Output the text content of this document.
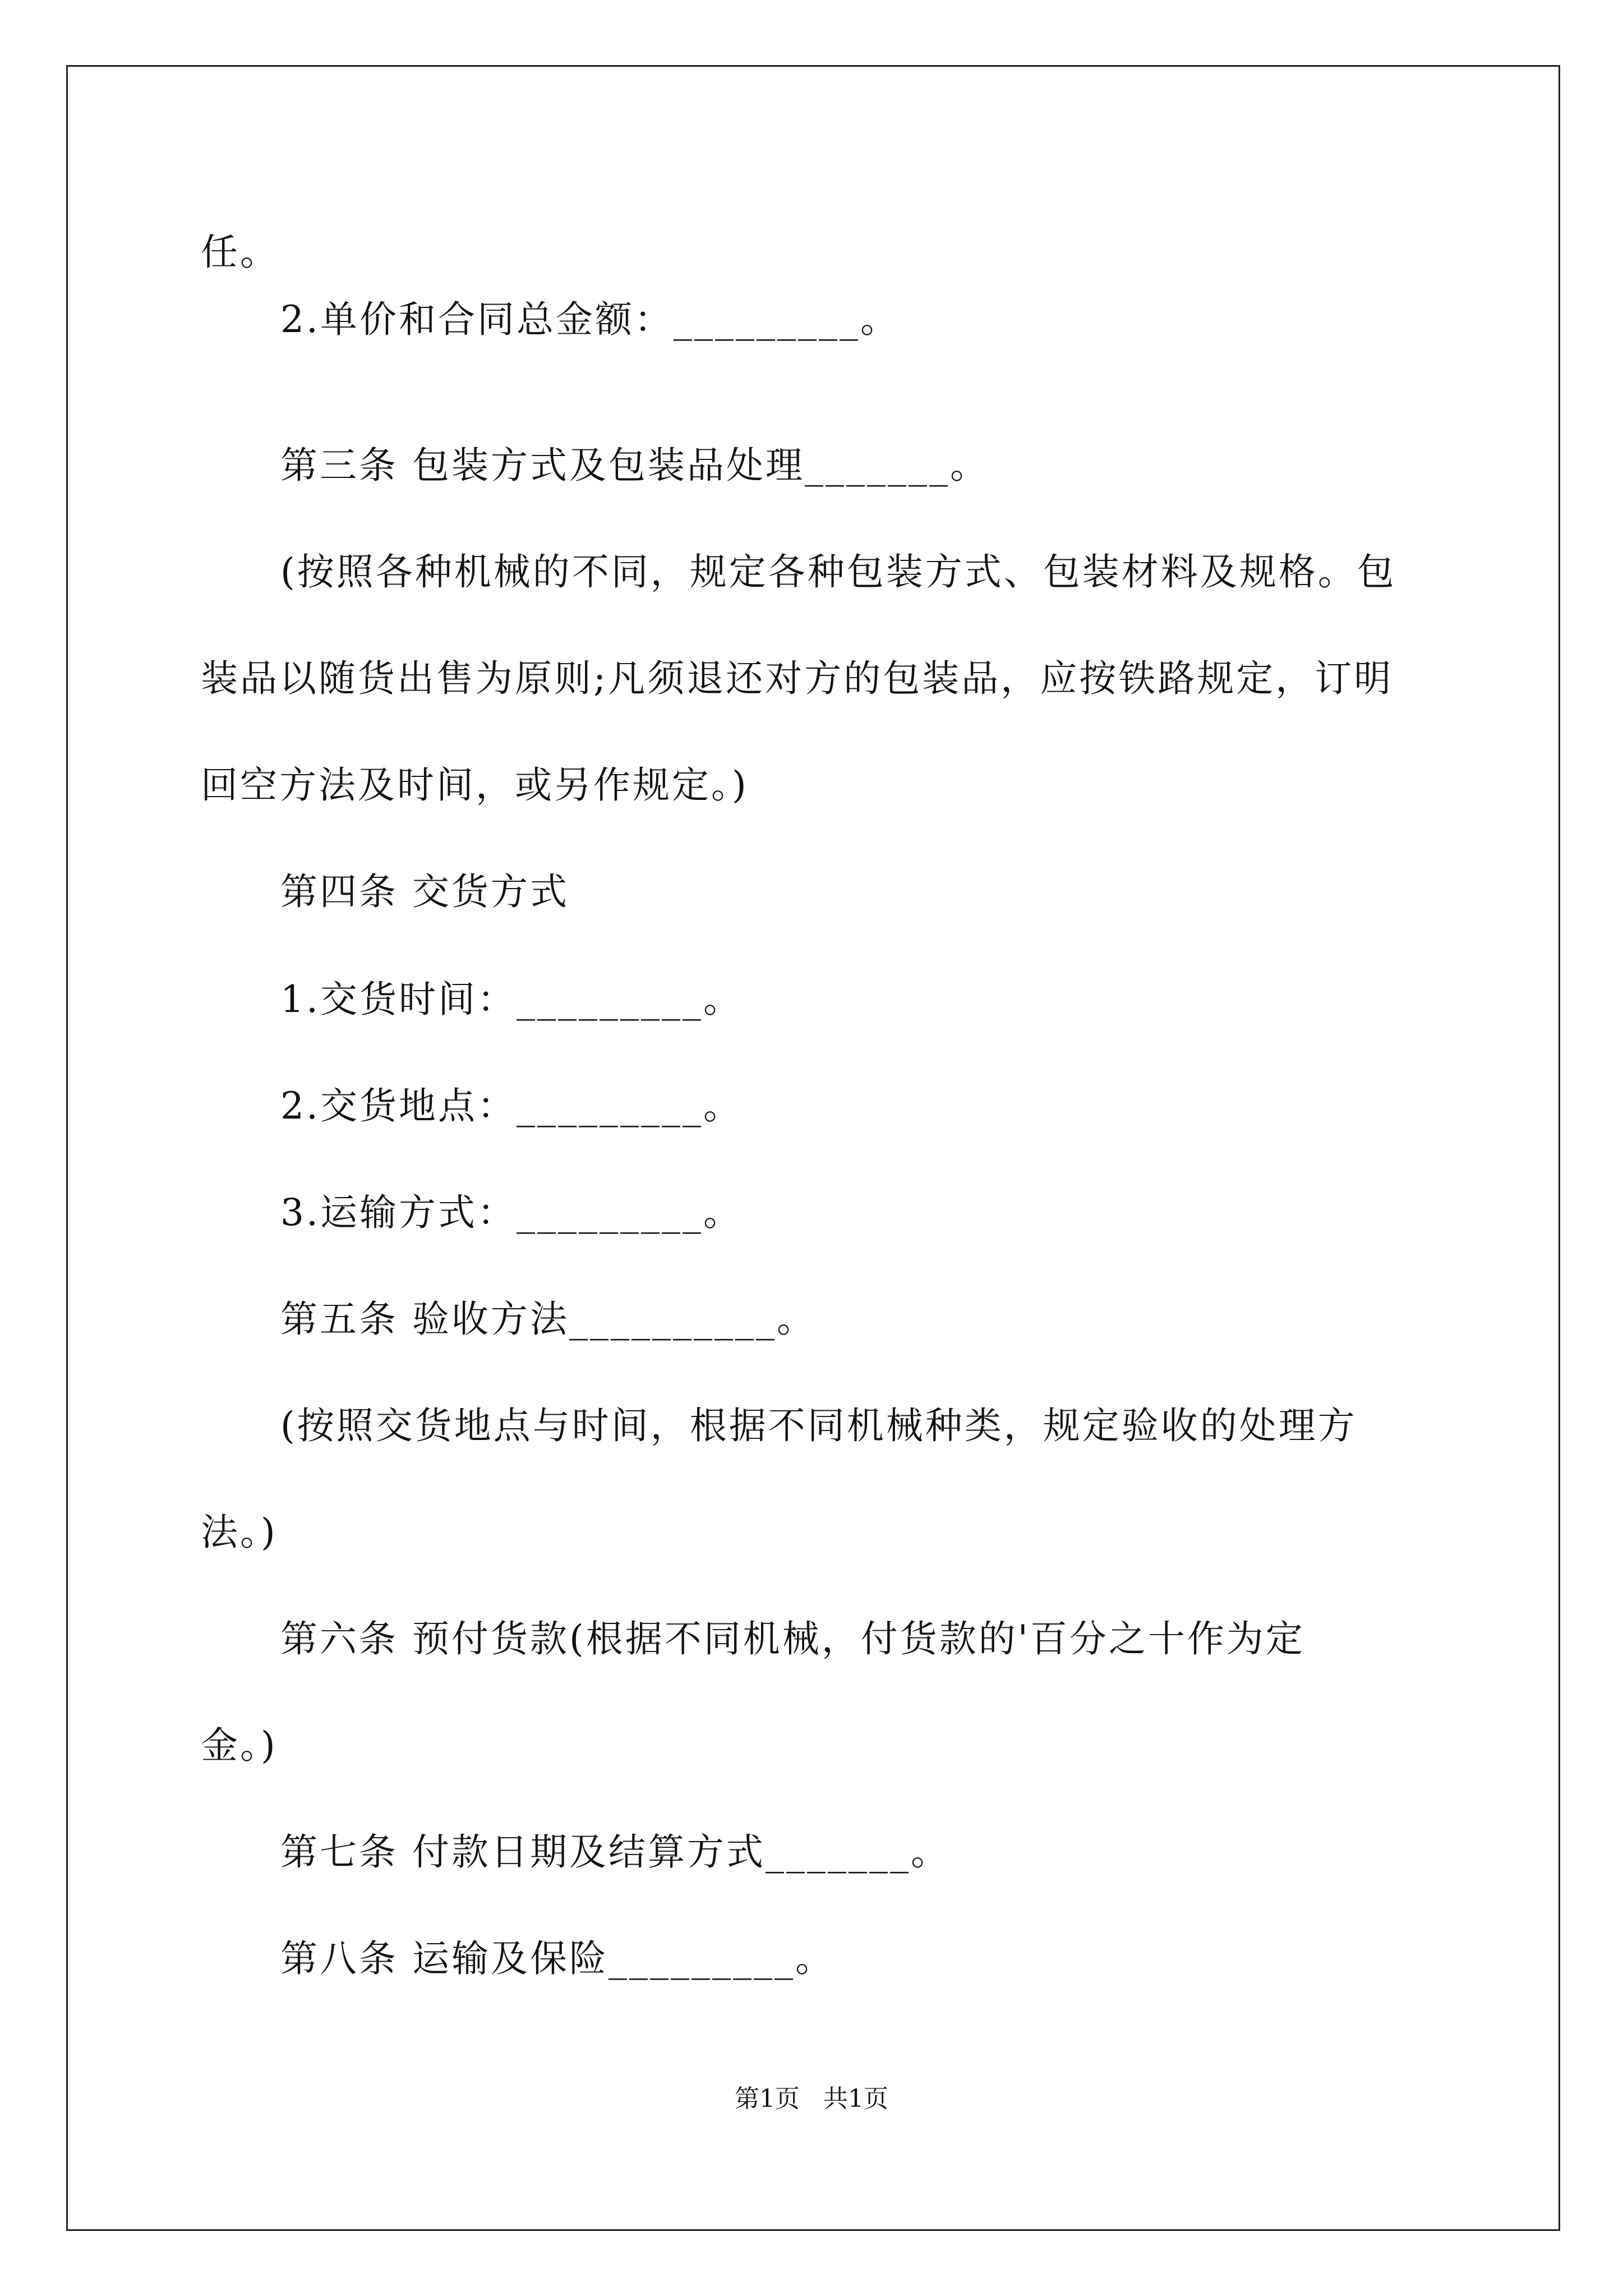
任。
2.单价和合同总金额：_________。
第三条 包装方式及包装品处理_______。
(按照各种机械的不同，规定各种包装方式、包装材料及规格。包
装品以随货出售为原则;凡须退还对方的包装品，应按铁路规定，订明
回空方法及时间，或另作规定。)
第四条 交货方式
1.交货时间：_________。
2.交货地点：_________。
3.运输方式：_________。
第五条 验收方法__________。
(按照交货地点与时间，根据不同机械种类，规定验收的处理方
法。)
第六条 预付货款(根据不同机械，付货款的'百分之十作为定
金。)
第七条 付款日期及结算方式_______。
第八条 运输及保险_________。
第1页   共1页
